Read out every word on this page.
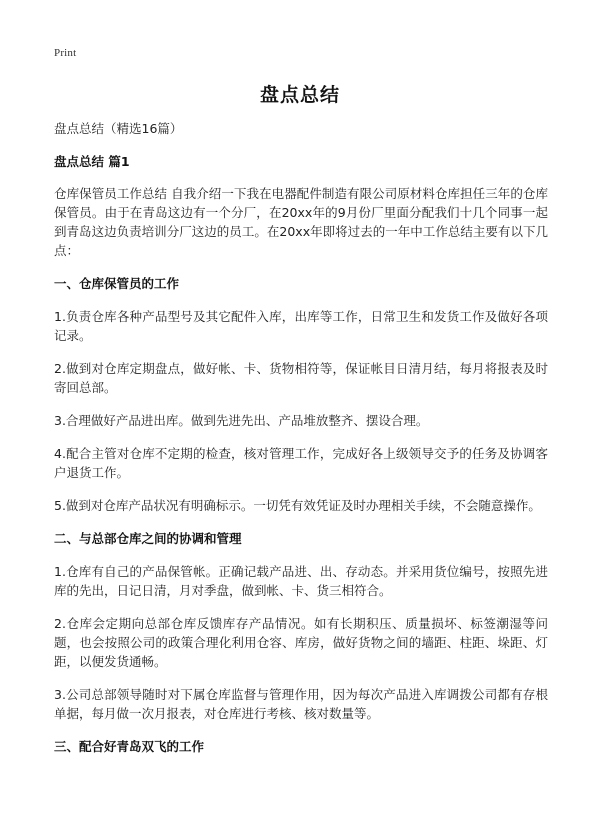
Print
盘点总结
盘点总结（精选16篇）
盘点总结 篇1

仓库保管员工作总结 自我介绍一下我在电器配件制造有限公司原材料仓库担任三年的仓库保管员。由于在青岛这边有一个分厂，在20xx年的9月份厂里面分配我们十几个同事一起到青岛这边负责培训分厂这边的员工。在20xx年即将过去的一年中工作总结主要有以下几点：

一、仓库保管员的工作

1.负责仓库各种产品型号及其它配件入库，出库等工作，日常卫生和发货工作及做好各项记录。

2.做到对仓库定期盘点，做好帐、卡、货物相符等，保证帐目日清月结，每月将报表及时寄回总部。

3.合理做好产品进出库。做到先进先出、产品堆放整齐、摆设合理。

4.配合主管对仓库不定期的检查，核对管理工作，完成好各上级领导交予的任务及协调客户退货工作。

5.做到对仓库产品状况有明确标示。一切凭有效凭证及时办理相关手续，不会随意操作。

二、与总部仓库之间的协调和管理

1.仓库有自己的产品保管帐。正确记载产品进、出、存动态。并采用货位编号，按照先进库的先出，日记日清，月对季盘，做到帐、卡、货三相符合。

2.仓库会定期向总部仓库反馈库存产品情况。如有长期积压、质量损坏、标签潮湿等问题，也会按照公司的政策合理化利用仓容、库房，做好货物之间的墙距、柱距、垛距、灯距，以便发货通畅。

3.公司总部领导随时对下属仓库监督与管理作用，因为每次产品进入库调拨公司都有存根单据，每月做一次月报表，对仓库进行考核、核对数量等。

三、配合好青岛双飞的工作
